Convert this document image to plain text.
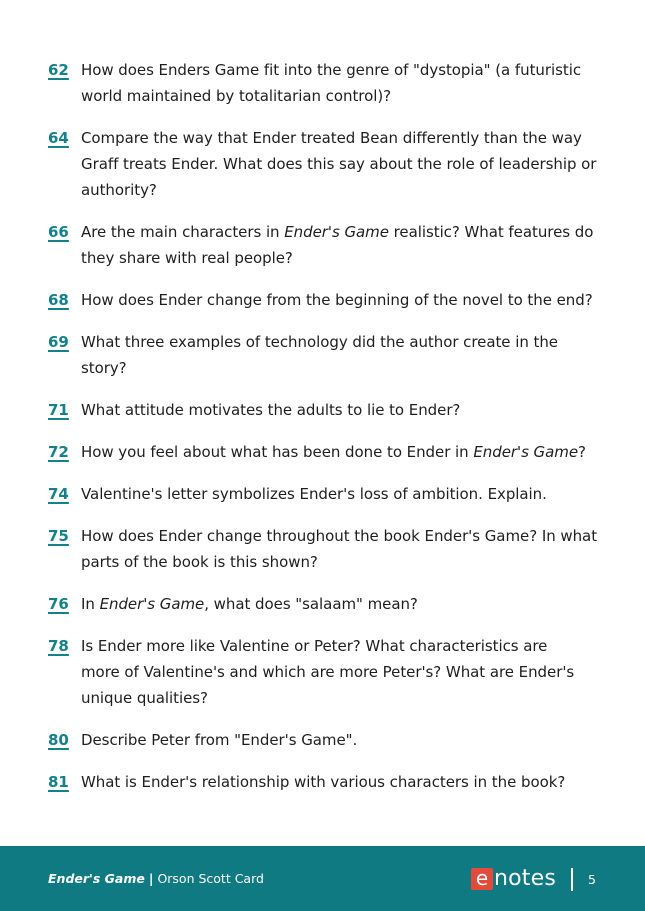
62 How does Enders Game fit into the genre of "dystopia" (a futuristic world maintained by totalitarian control)?
64 Compare the way that Ender treated Bean differently than the way Graff treats Ender. What does this say about the role of leadership or authority?
66 Are the main characters in Ender's Game realistic? What features do they share with real people?
68 How does Ender change from the beginning of the novel to the end?
69 What three examples of technology did the author create in the story?
71 What attitude motivates the adults to lie to Ender?
72 How you feel about what has been done to Ender in Ender's Game?
74 Valentine's letter symbolizes Ender's loss of ambition. Explain.
75 How does Ender change throughout the book Ender's Game? In what parts of the book is this shown?
76 In Ender's Game, what does "salaam" mean?
78 Is Ender more like Valentine or Peter? What characteristics are
more of Valentine's and which are more Peter's? What are Ender's unique qualities?
80 Describe Peter from "Ender's Game".
81 What is Ender's relationship with various characters in the book?
Ender's Game | Orson Scott Card	e notes	5
